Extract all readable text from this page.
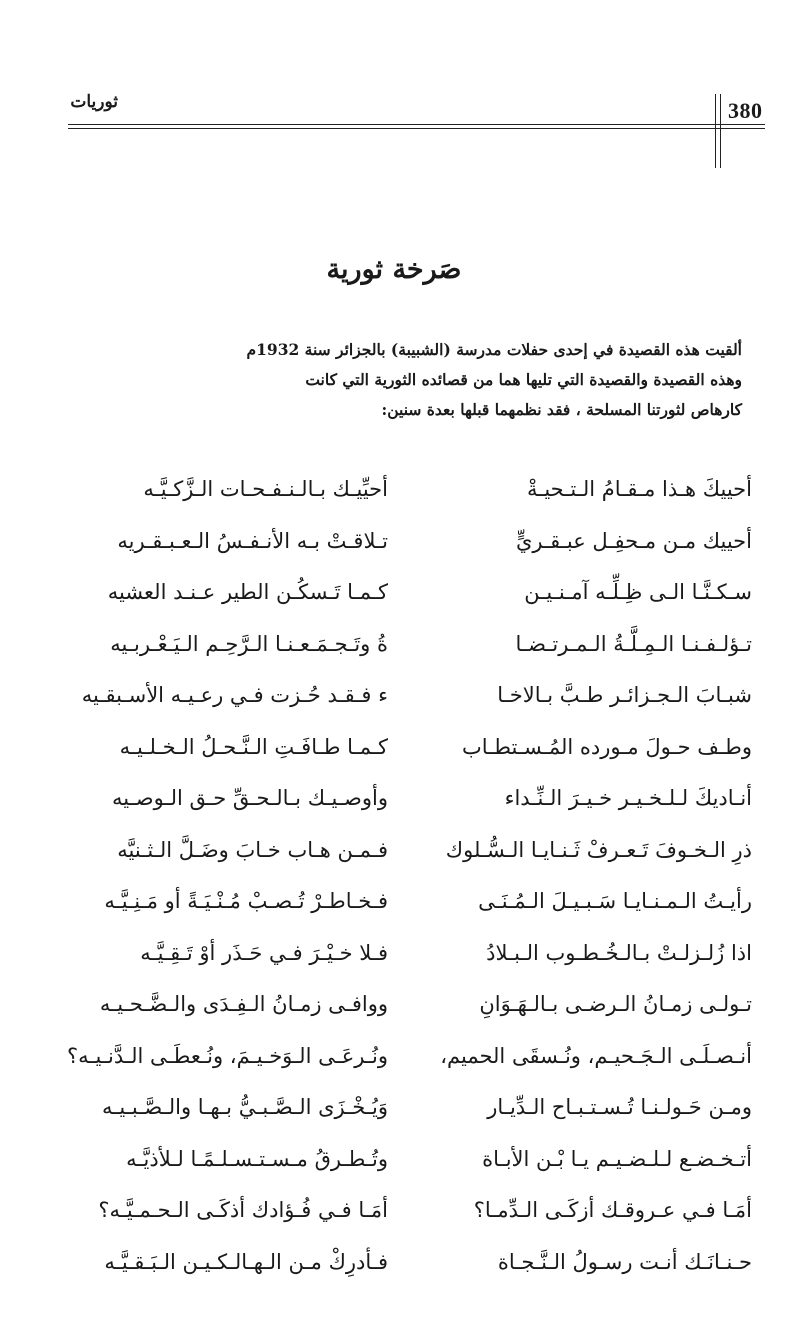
380
ثوريات
صَرخة ثورية

ألقيت هذه القصيدة في إحدى حفلات مدرسة (الشبيبة) بالجزائر سنة 1932م

وهذه القصيدة والقصيدة التي تليها هما من قصائده الثورية التي كانت

كارهاص لثورتنا المسلحة ، فقد نظمهما قبلها بعدة سنين:

أحييكَ هـذا مـقـامُ الـتـحيـةْ
أحيِّيـك بـالـنـفـحـات الـزَّكـيَّـه
أحييك مـن مـحفِـل عبـقـريٍّ
تـلاقـتْ بـه الأنـفـسُ الـعـبـقـريه
سـكـنَّـا الـى ظِـلِّـه آمـنـيـن
كـمـا تَـسكُـن الطير عـنـد العشيه
تـؤلـفـنـا الـمِـلَّـةُ الـمـرتـضـا
ةُ وتَـجـمَـعـنـا الـرَّحِـم الـيَـعْـربـيه
شبـابَ الـجـزائـر طـبَّ بـالاخـا
ء فـقـد حُـزت فـي رعـيـه الأسـبقـيه
وطـف حـولَ مـورده المُـسـتطـاب
كـمـا طـافَـتِ الـنَّـحـلُ الـخـلـيـه
أنـاديكَ لـلـخـيـر خـيـرَ الـنِّـداء
وأوصـيـك بـالـحـقِّ حـق الـوصـيه
ذرِ الـخـوفَ تَـعـرفْ ثَـنـايـا الـسُّـلوك
فـمـن هـاب خـابَ وضَـلَّ الـثـنيَّه
رأيـتُ الـمـنـايـا سَـبـيـلَ الـمُـنَـى
فـخـاطـرْ تُـصـبْ مُـنْـيَـةً أو مَـنِـيَّـه
اذا زُلـزلـتْ بـالـخُـطـوب الـبـلادُ
فـلا خـيْـرَ فـي حَـذَر أوْ تَـقِـيَّـه
تـولـى زمـانُ الـرضـى بـالـهَـوَانِ
ووافـى زمـانُ الـفِـدَى والـضَّـحـيـه
أنـصـلَـى الـجَـحيـم، ونُـسقَى الحميم،
ونُـرعَـى الـوَخـيـمَ، ونُـعطَـى الـدَّنـيـه؟
ومـن حَـولـنـا تُـسـتـبـاح الـدِّيـار
وَيُـخْـزَى الـصَّـبـيُّ بـهـا والـصَّـبـيـه
أتـخـضـع لـلـضـيـم يـا بْـن الأبـاة
وتُـطـرقُ مـسـتـسـلـمًـا لـلأذيَّـه
أمَـا فـي عـروقـك أزكَـى الـدِّمـا؟
أمَـا فـي فُـؤادك أذكَـى الـحـمـيَّـه؟
حـنـانَـك أنـت رسـولُ الـنَّـجـاة
فـأدرِكْ مـن الـهـالـكـيـن الـبَـقـيَّـه
